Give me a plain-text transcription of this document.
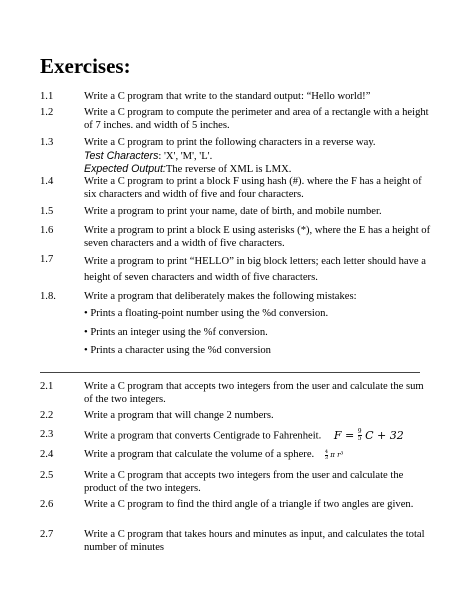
Exercises:
1.1	Write a C program that write to the standard output: “Hello world!”
1.2	Write a C program to compute the perimeter and area of a rectangle with a height of 7 inches. and width of 5 inches.
1.3	Write a C program to print the following characters in a reverse way.
Test Characters: 'X', 'M', 'L'.
Expected Output:The reverse of XML is LMX.
1.4	Write a C program to print a block F using hash (#). where the F has a height of six characters and width of five and four characters.
1.5	Write a program to print your name, date of birth, and mobile number.
1.6	Write a program to print a block E using asterisks (*), where the E has a height of seven characters and a width of five characters.
1.7	Write a program to print “HELLO” in big block letters; each letter should have a height of seven characters and width of five characters.
1.8.	Write a program that deliberately makes the following mistakes:
• Prints a floating-point number using the %d conversion.
• Prints an integer using the %f conversion.
• Prints a character using the %d conversion
2.1	Write a C program that accepts two integers from the user and calculate the sum of the two integers.
2.2	Write a program that will change 2 numbers.
2.3	Write a program that converts Centigrade to Fahrenheit. $F = \frac{9}{5}$ C + 32
2.4	Write a program that calculate the volume of a sphere. $\frac{4}{3}$ π r³
2.5	Write a C program that accepts two integers from the user and calculate the product of the two integers.
2.6	Write a C program to find the third angle of a triangle if two angles are given.
2.7	Write a C program that takes hours and minutes as input, and calculates the total number of minutes
